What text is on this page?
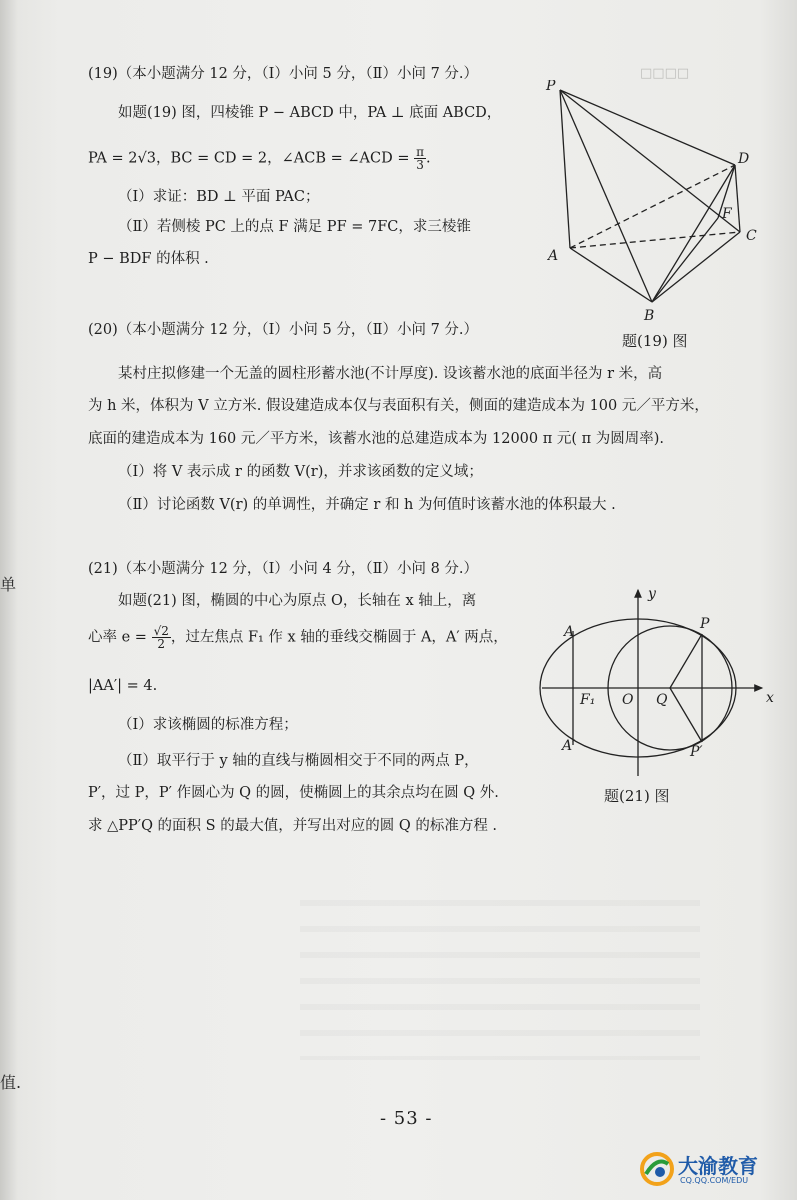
□□□□
单
值.
(19)（本小题满分 12 分，（Ⅰ）小问 5 分，（Ⅱ）小问 7 分.）
如题(19) 图，四棱锥 P − ABCD 中，PA ⊥ 底面 ABCD，
PA = 2√3，BC = CD = 2，∠ACB = ∠ACD = $\frac{\pi}{3}$ .
（Ⅰ）求证：BD ⊥ 平面 PAC；
（Ⅱ）若侧棱 PC 上的点 F 满足 PF = 7FC，求三棱锥
P − BDF 的体积 .
P
D
F
C
A
B
题(19) 图
(20)（本小题满分 12 分，（Ⅰ）小问 5 分，（Ⅱ）小问 7 分.）
某村庄拟修建一个无盖的圆柱形蓄水池(不计厚度). 设该蓄水池的底面半径为 r 米，高
为 h 米，体积为 V 立方米. 假设建造成本仅与表面积有关，侧面的建造成本为 100 元／平方米，
底面的建造成本为 160 元／平方米，该蓄水池的总建造成本为 12000 π 元( π 为圆周率).
（Ⅰ）将 V 表示成 r 的函数 V(r)，并求该函数的定义域；
（Ⅱ）讨论函数 V(r) 的单调性，并确定 r 和 h 为何值时该蓄水池的体积最大 .
(21)（本小题满分 12 分，（Ⅰ）小问 4 分，（Ⅱ）小问 8 分.）
如题(21) 图，椭圆的中心为原点 O，长轴在 x 轴上，离
心率 $e = \frac{√2}{2}$ ，过左焦点 F₁ 作 x 轴的垂线交椭圆于 A，A′ 两点，
|AA′| = 4.
（Ⅰ）求该椭圆的标准方程；
（Ⅱ）取平行于 y 轴的直线与椭圆相交于不同的两点 P，
P′，过 P，P′ 作圆心为 Q 的圆，使椭圆上的其余点均在圆 Q 外.
求 △PP′Q 的面积 S 的最大值，并写出对应的圆 Q 的标准方程 .
y
x
P
A
F₁ O Q
A′	P′
题(21) 图
- 53 -
大渝教育
CQ.QQ.COM/EDU
